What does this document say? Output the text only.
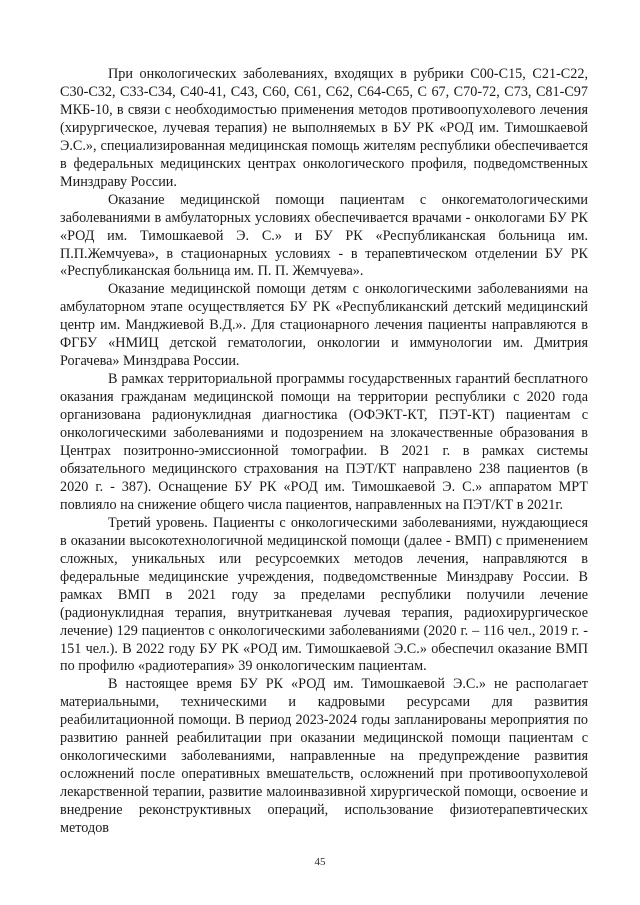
При онкологических заболеваниях, входящих в рубрики С00-С15, С21-С22, С30-С32, С33-С34, С40-41, С43, С60, С61, С62, С64-С65, С 67, С70-72, С73, С81-С97 МКБ-10, в связи с необходимостью применения методов противоопухолевого лечения (хирургическое, лучевая терапия) не выполняемых в БУ РК «РОД им. Тимошкаевой Э.С.», специализированная медицинская помощь жителям республики обеспечивается в федеральных медицинских центрах онкологического профиля, подведомственных Минздраву России.

Оказание медицинской помощи пациентам с онкогематологическими заболеваниями в амбулаторных условиях обеспечивается врачами - онкологами БУ РК «РОД им. Тимошкаевой Э. С.» и БУ РК «Республиканская больница им. П.П.Жемчуева», в стационарных условиях - в терапевтическом отделении БУ РК «Республиканская больница им. П. П. Жемчуева».

Оказание медицинской помощи детям с онкологическими заболеваниями на амбулаторном этапе осуществляется БУ РК «Республиканский детский медицинский центр им. Манджиевой В.Д.». Для стационарного лечения пациенты направляются в ФГБУ «НМИЦ детской гематологии, онкологии и иммунологии им. Дмитрия Рогачева» Минздрава России.

В рамках территориальной программы государственных гарантий бесплатного оказания гражданам медицинской помощи на территории республики с 2020 года организована радионуклидная диагностика (ОФЭКТ-КТ, ПЭТ-КТ) пациентам с онкологическими заболеваниями и подозрением на злокачественные образования в Центрах позитронно-эмиссионной томографии. В 2021 г. в рамках системы обязательного медицинского страхования на ПЭТ/КТ направлено 238 пациентов (в 2020 г. - 387). Оснащение БУ РК «РОД им. Тимошкаевой Э. С.» аппаратом МРТ повлияло на снижение общего числа пациентов, направленных на ПЭТ/КТ в 2021г.

Третий уровень. Пациенты с онкологическими заболеваниями, нуждающиеся в оказании высокотехнологичной медицинской помощи (далее - ВМП) с применением сложных, уникальных или ресурсоемких методов лечения, направляются в федеральные медицинские учреждения, подведомственные Минздраву России. В рамках ВМП в 2021 году за пределами республики получили лечение (радионуклидная терапия, внутритканевая лучевая терапия, радиохирургическое лечение) 129 пациентов с онкологическими заболеваниями (2020 г. – 116 чел., 2019 г. - 151 чел.). В 2022 году БУ РК «РОД им. Тимошкаевой Э.С.» обеспечил оказание ВМП по профилю «радиотерапия» 39 онкологическим пациентам.

В настоящее время БУ РК «РОД им. Тимошкаевой Э.С.» не располагает материальными, техническими и кадровыми ресурсами для развития реабилитационной помощи. В период 2023-2024 годы запланированы мероприятия по развитию ранней реабилитации при оказании медицинской помощи пациентам с онкологическими заболеваниями, направленные на предупреждение развития осложнений после оперативных вмешательств, осложнений при противоопухолевой лекарственной терапии, развитие малоинвазивной хирургической помощи, освоение и внедрение реконструктивных операций, использование физиотерапевтических методов

45
